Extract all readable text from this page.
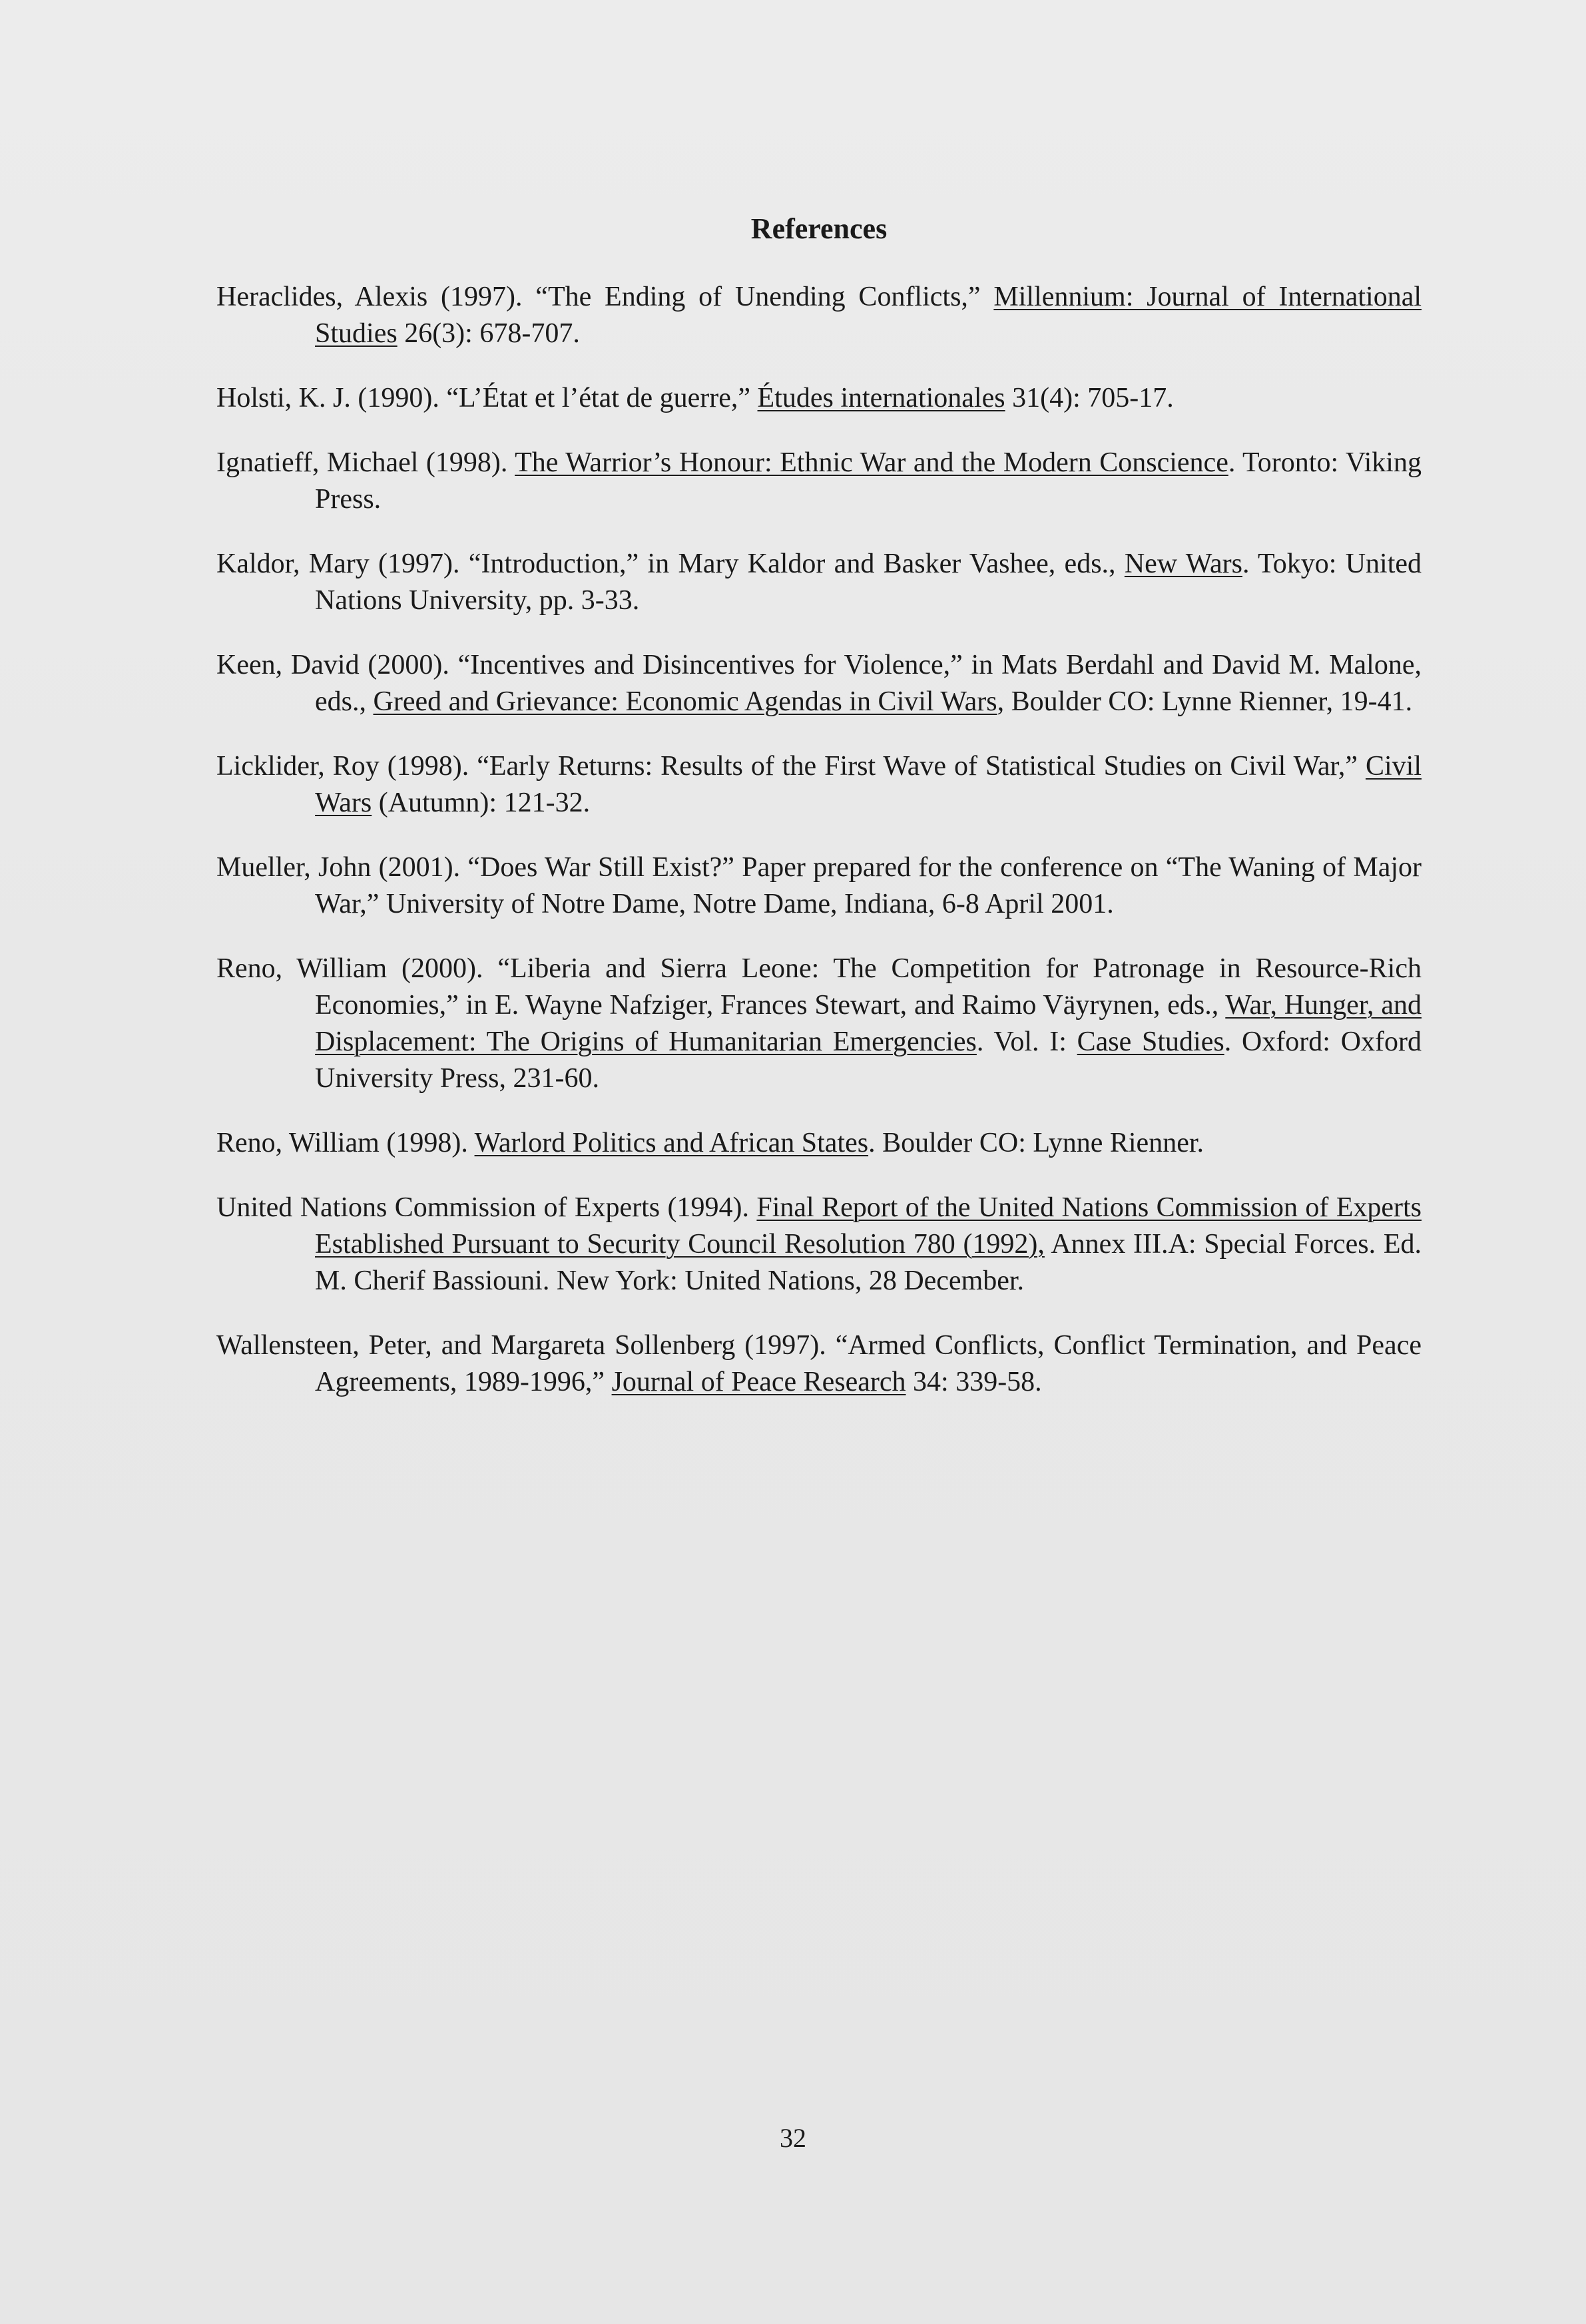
References

Heraclides, Alexis (1997). “The Ending of Unending Conflicts,” Millennium: Journal of International Studies 26(3): 678-707.

Holsti, K. J. (1990). “L’État et l’état de guerre,” Études internationales 31(4): 705-17.

Ignatieff, Michael (1998). The Warrior’s Honour: Ethnic War and the Modern Conscience. Toronto: Viking Press.

Kaldor, Mary (1997). “Introduction,” in Mary Kaldor and Basker Vashee, eds., New Wars. Tokyo: United Nations University, pp. 3-33.

Keen, David (2000). “Incentives and Disincentives for Violence,” in Mats Berdahl and David M. Malone, eds., Greed and Grievance: Economic Agendas in Civil Wars, Boulder CO: Lynne Rienner, 19-41.

Licklider, Roy (1998). “Early Returns: Results of the First Wave of Statistical Studies on Civil War,” Civil Wars (Autumn): 121-32.

Mueller, John (2001). “Does War Still Exist?” Paper prepared for the conference on “The Waning of Major War,” University of Notre Dame, Notre Dame, Indiana, 6-8 April 2001.

Reno, William (2000). “Liberia and Sierra Leone: The Competition for Patronage in Resource-Rich Economies,” in E. Wayne Nafziger, Frances Stewart, and Raimo Väyrynen, eds., War, Hunger, and Displacement: The Origins of Humanitarian Emergencies. Vol. I: Case Studies. Oxford: Oxford University Press, 231-60.

Reno, William (1998). Warlord Politics and African States. Boulder CO: Lynne Rienner.

United Nations Commission of Experts (1994). Final Report of the United Nations Commission of Experts Established Pursuant to Security Council Resolution 780 (1992), Annex III.A: Special Forces. Ed. M. Cherif Bassiouni. New York: United Nations, 28 December.

Wallensteen, Peter, and Margareta Sollenberg (1997). “Armed Conflicts, Conflict Termination, and Peace Agreements, 1989-1996,” Journal of Peace Research 34: 339-58.

32
